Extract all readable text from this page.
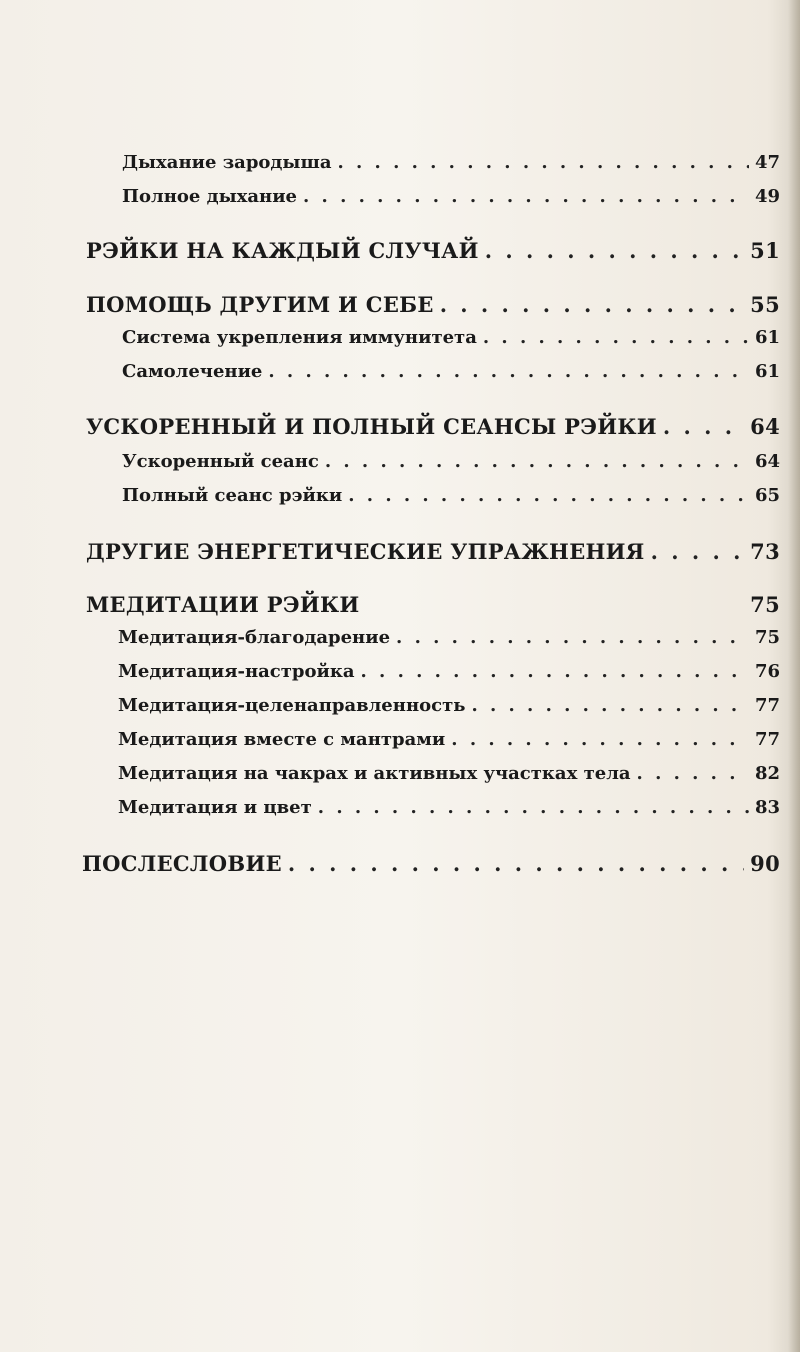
Дыхание зародыша . . .	47
Полное дыхание . . .	49
РЭЙКИ НА КАЖДЫЙ СЛУЧАЙ . . .	51
ПОМОЩЬ ДРУГИМ И СЕБЕ . . .	55
Система укрепления иммунитета . . .	61
Самолечение . . .	61
УСКОРЕННЫЙ И ПОЛНЫЙ СЕАНСЫ РЭЙКИ . . .	64
Ускоренный сеанс . . .	64
Полный сеанс рэйки . . .	65
ДРУГИЕ ЭНЕРГЕТИЧЕСКИЕ УПРАЖНЕНИЯ . . .	73
МЕДИТАЦИИ РЭЙКИ	75
Медитация-благодарение . . .	75
Медитация-настройка . . .	76
Медитация-целенаправленность . . .	77
Медитация вместе с мантрами . . .	77
Медитация на чакрах и активных участках тела . . .	82
Медитация и цвет . . .	83
ПОСЛЕСЛОВИЕ . . .	90
